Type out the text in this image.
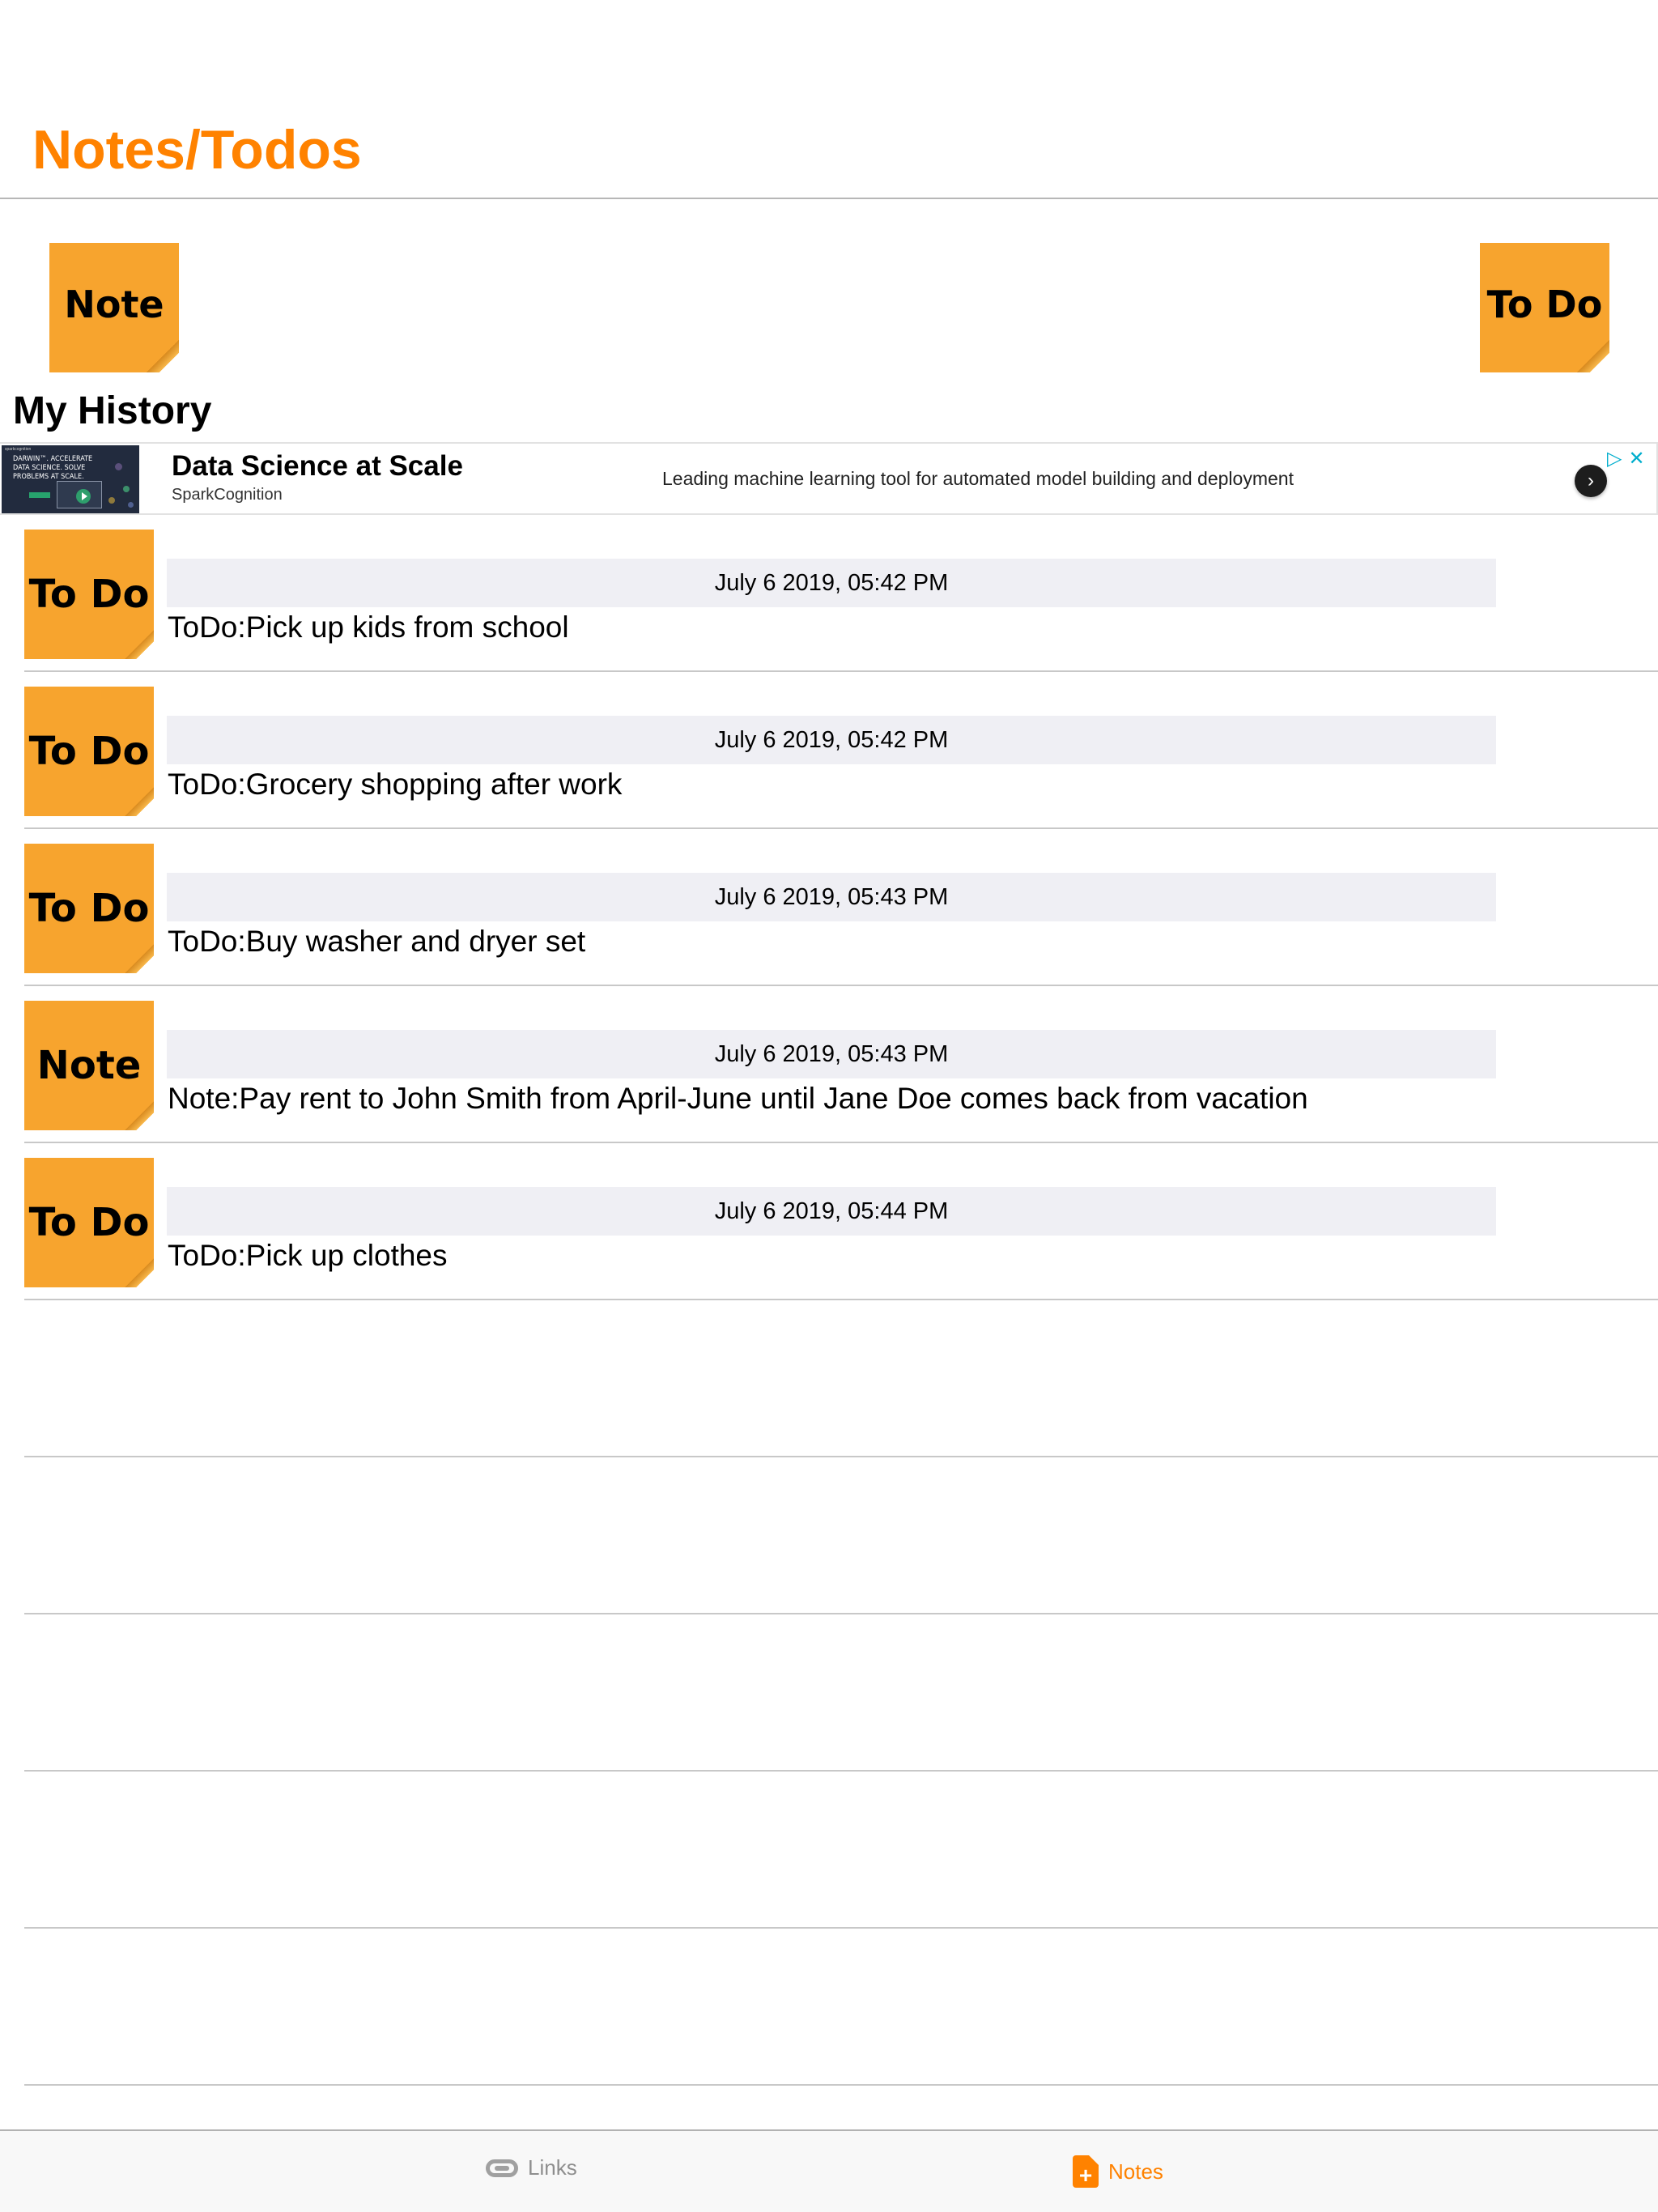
5:44 PM Sat Jul 6	100%
Notes/Todos
Note	To Do
My History
sparkcognition
DARWIN™. ACCELERATE DATA SCIENCE. SOLVE PROBLEMS AT SCALE.	Data Science at Scale
SparkCognition
Leading machine learning tool for automated model building and deployment	›
▷ ✕
To Do	July 6 2019, 05:42 PM
ToDo:Pick up kids from school
To Do	July 6 2019, 05:42 PM
ToDo:Grocery shopping after work
To Do	July 6 2019, 05:43 PM
ToDo:Buy washer and dryer set
Note	July 6 2019, 05:43 PM
Note:Pay rent to John Smith from April-June until Jane Doe comes back from vacation
To Do	July 6 2019, 05:44 PM
ToDo:Pick up clothes
Links	+ Notes
